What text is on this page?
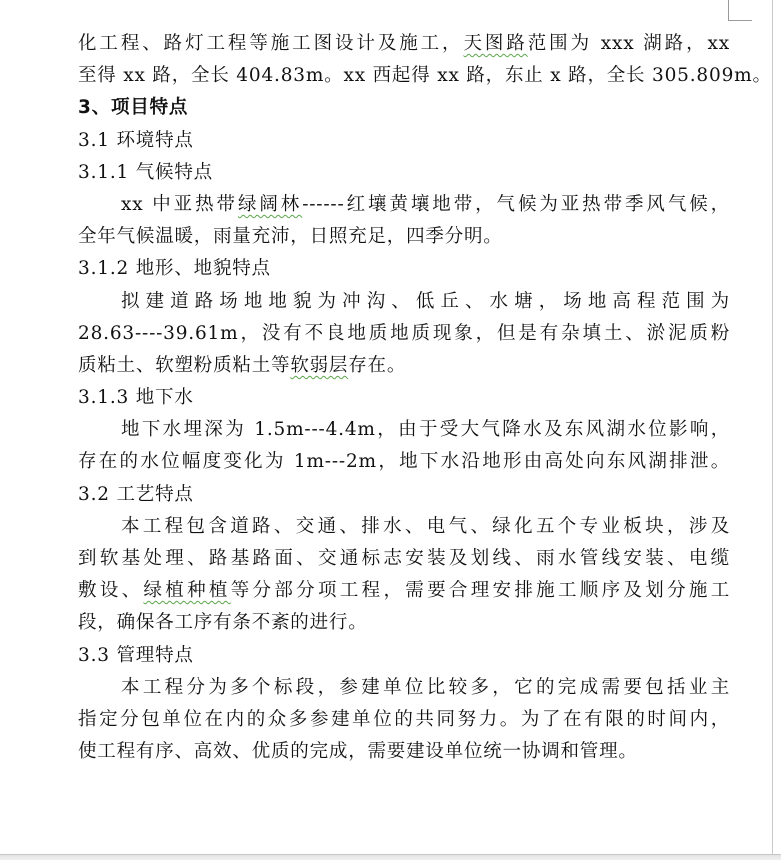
化工程、路灯工程等施工图设计及施工，天图路范围为 xxx 湖路，xx
至得 xx 路，全长 404.83m。xx 西起得 xx 路，东止 x 路，全长 305.809m。
3、项目特点
3.1 环境特点
3.1.1 气候特点
xx 中亚热带绿阔林------红壤黄壤地带，气候为亚热带季风气候，
全年气候温暖，雨量充沛，日照充足，四季分明。
3.1.2 地形、地貌特点
拟建道路场地地貌为冲沟、低丘、水塘，场地高程范围为
28.63----39.61m，没有不良地质地质现象，但是有杂填土、淤泥质粉
质粘土、软塑粉质粘土等软弱层存在。
3.1.3 地下水
地下水埋深为 1.5m---4.4m，由于受大气降水及东风湖水位影响，
存在的水位幅度变化为 1m---2m，地下水沿地形由高处向东风湖排泄。
3.2 工艺特点
本工程包含道路、交通、排水、电气、绿化五个专业板块，涉及
到软基处理、路基路面、交通标志安装及划线、雨水管线安装、电缆
敷设、绿植种植等分部分项工程，需要合理安排施工顺序及划分施工
段，确保各工序有条不紊的进行。
3.3 管理特点
本工程分为多个标段，参建单位比较多，它的完成需要包括业主
指定分包单位在内的众多参建单位的共同努力。为了在有限的时间内，
使工程有序、高效、优质的完成，需要建设单位统一协调和管理。
